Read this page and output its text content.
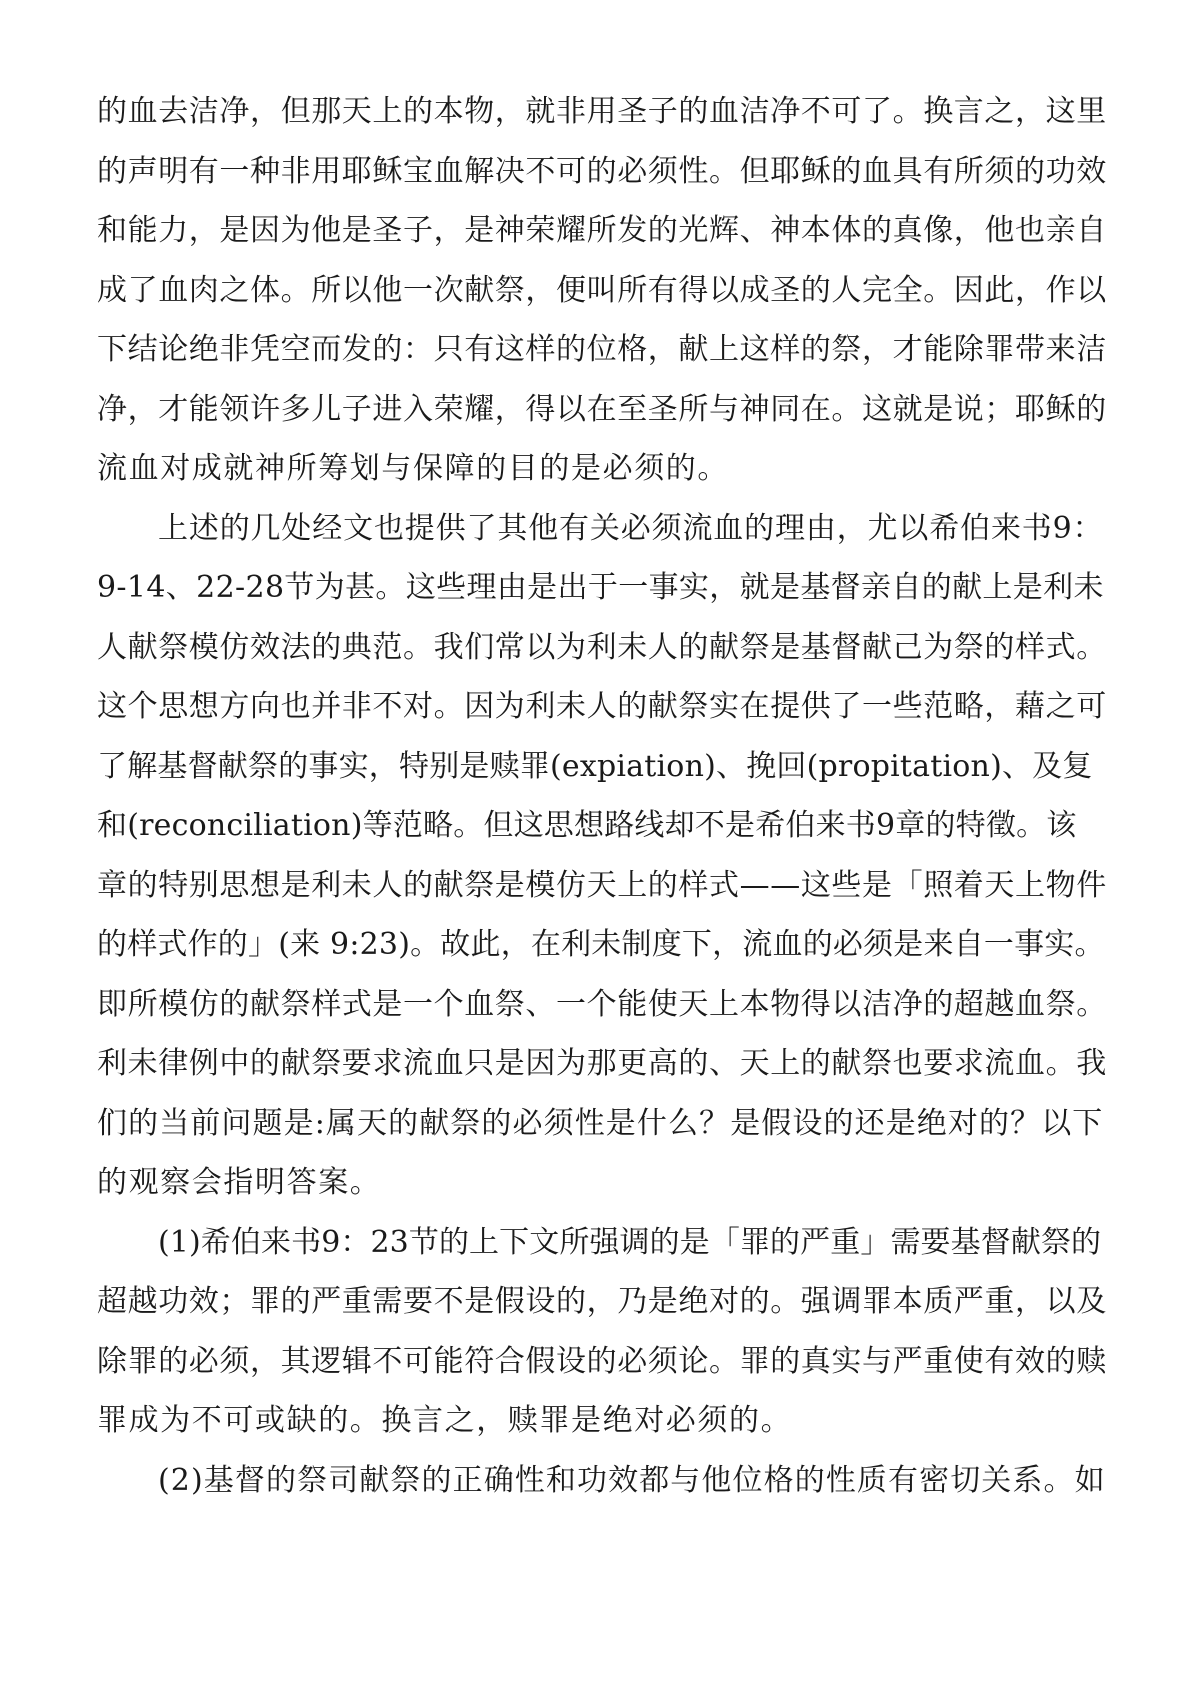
的血去洁净，但那天上的本物，就非用圣子的血洁净不可了。换言之，这里
的声明有一种非用耶稣宝血解决不可的必须性。但耶稣的血具有所须的功效
和能力，是因为他是圣子，是神荣耀所发的光辉、神本体的真像，他也亲自
成了血肉之体。所以他一次献祭，便叫所有得以成圣的人完全。因此，作以
下结论绝非凭空而发的：只有这样的位格，献上这样的祭，才能除罪带来洁
净，才能领许多儿子进入荣耀，得以在至圣所与神同在。这就是说；耶稣的
流血对成就神所筹划与保障的目的是必须的。
上述的几处经文也提供了其他有关必须流血的理由，尤以希伯来书9：
9-14、22-28节为甚。这些理由是出于一事实，就是基督亲自的献上是利未
人献祭模仿效法的典范。我们常以为利未人的献祭是基督献己为祭的样式。
这个思想方向也并非不对。因为利未人的献祭实在提供了一些范略，藉之可
了解基督献祭的事实，特别是赎罪(expiation)、挽回(propitation)、及复
和(reconciliation)等范略。但这思想路线却不是希伯来书9章的特徵。该
章的特别思想是利未人的献祭是模仿天上的样式——这些是「照着天上物件
的样式作的」(来 9:23)。故此，在利未制度下，流血的必须是来自一事实。
即所模仿的献祭样式是一个血祭、一个能使天上本物得以洁净的超越血祭。
利未律例中的献祭要求流血只是因为那更高的、天上的献祭也要求流血。我
们的当前问题是:属天的献祭的必须性是什么？是假设的还是绝对的？以下
的观察会指明答案。
(1)希伯来书9：23节的上下文所强调的是「罪的严重」需要基督献祭的
超越功效；罪的严重需要不是假设的，乃是绝对的。强调罪本质严重，以及
除罪的必须，其逻辑不可能符合假设的必须论。罪的真实与严重使有效的赎
罪成为不可或缺的。换言之，赎罪是绝对必须的。
(2)基督的祭司献祭的正确性和功效都与他位格的性质有密切关系。如
